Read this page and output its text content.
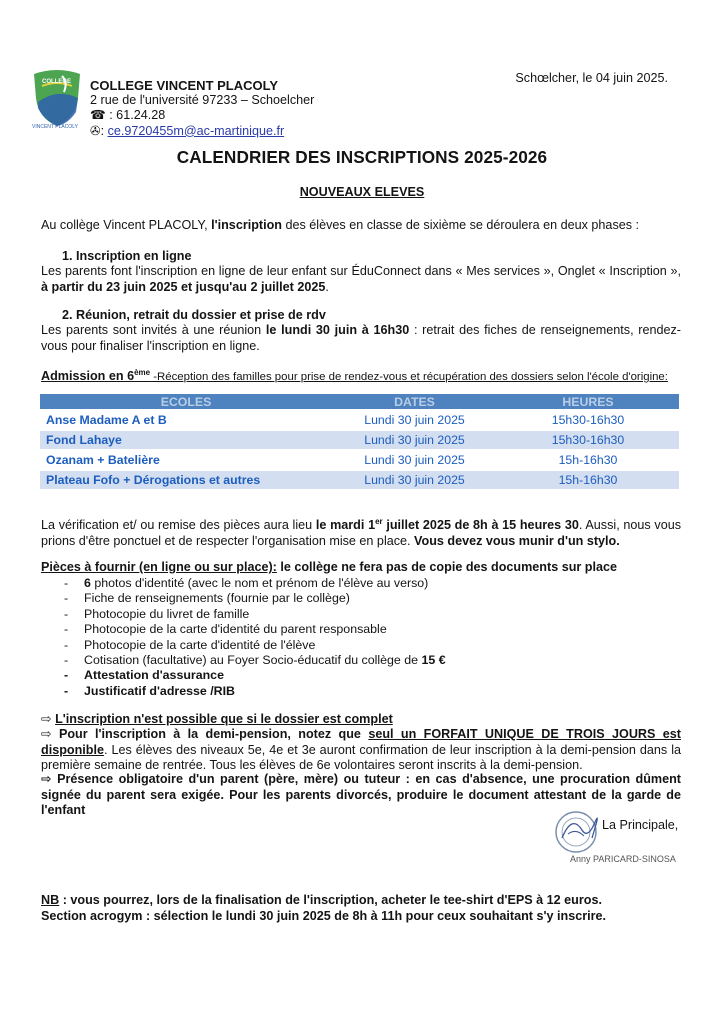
COLLEGE
VINCENT PLACOLY
COLLEGE VINCENT PLACOLY
2 rue de l'université 97233 – Schoelcher
☎ : 61.24.28
✇: ce.9720455m@ac-martinique.fr
Schœlcher, le 04 juin 2025.
CALENDRIER DES INSCRIPTIONS 2025-2026
NOUVEAUX ELEVES

Au collège Vincent PLACOLY, l'inscription des élèves en classe de sixième se déroulera en deux phases :

1. Inscription en ligne

Les parents font l'inscription en ligne de leur enfant sur ÉduConnect dans « Mes services », Onglet « Inscription », à partir du 23 juin 2025 et jusqu'au 2 juillet 2025.

2. Réunion, retrait du dossier et prise de rdv

Les parents sont invités à une réunion le lundi 30 juin à 16h30 : retrait des fiches de renseignements, rendez-vous pour finaliser l'inscription en ligne.

Admission en 6ème -Réception des familles pour prise de rendez-vous et récupération des dossiers selon l'école d'origine:

ECOLES	DATES	HEURES
Anse Madame A et B	Lundi 30 juin 2025	15h30-16h30
Fond Lahaye	Lundi 30 juin 2025	15h30-16h30
Ozanam + Batelière	Lundi 30 juin 2025	15h-16h30
Plateau Fofo + Dérogations et autres	Lundi 30 juin 2025	15h-16h30

La vérification et/ ou remise des pièces aura lieu le mardi 1er juillet 2025 de 8h à 15 heures 30. Aussi, nous vous prions d'être ponctuel et de respecter l'organisation mise en place. Vous devez vous munir d'un stylo.

Pièces à fournir (en ligne ou sur place): le collège ne fera pas de copie des documents sur place

- 6 photos d'identité (avec le nom et prénom de l'élève au verso)
- Fiche de renseignements (fournie par le collège)
- Photocopie du livret de famille
- Photocopie de la carte d'identité du parent responsable
- Photocopie de la carte d'identité de l'élève
- Cotisation (facultative) au Foyer Socio-éducatif du collège de 15 €
- Attestation d'assurance
- Justificatif d'adresse /RIB

⇨ L'inscription n'est possible que si le dossier est complet

⇨ Pour l'inscription à la demi-pension, notez que seul un FORFAIT UNIQUE DE TROIS JOURS est disponible. Les élèves des niveaux 5e, 4e et 3e auront confirmation de leur inscription à la demi-pension dans la première semaine de rentrée. Tous les élèves de 6e volontaires seront inscrits à la demi-pension.

⇨ Présence obligatoire d'un parent (père, mère) ou tuteur : en cas d'absence, une procuration dûment signée du parent sera exigée. Pour les parents divorcés, produire le document attestant de la garde de l'enfant

La Principale,
Anny PARICARD-SINOSA

NB : vous pourrez, lors de la finalisation de l'inscription, acheter le tee-shirt d'EPS à 12 euros.

Section acrogym : sélection le lundi 30 juin 2025 de 8h à 11h pour ceux souhaitant s'y inscrire.
